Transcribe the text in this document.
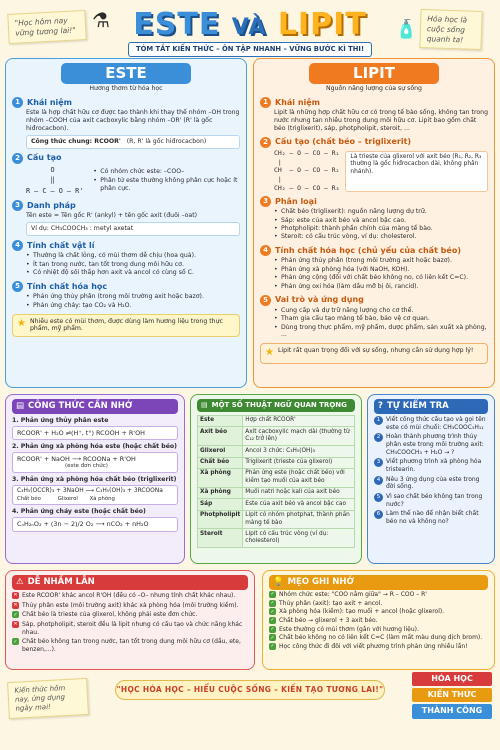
"Học hôm nay vững tương lai!" ⚗	Hóa học là cuộc sống quanh ta!
🧴
ESTE VÀ LIPIT
TÓM TẮT KIẾN THỨC – ÔN TẬP NHANH – VỮNG BƯỚC KÌ THI!
ESTE
Hương thơm từ hóa học
1 Khái niệm
Este là hợp chất hữu cơ được tạo thành khi thay thế nhóm –OH trong nhóm –COOH của axit cacboxylic bằng nhóm –OR' (R' là gốc hiđrocacbon).
Công thức chung: RCOOR' (R, R' là gốc hiđrocacbon)
2 Cấu tạo
O
‖
R – C – O – R'
• Có nhóm chức este: –COO–
• Phân tử este thường không phân cực hoặc ít phân cực.
3 Danh pháp
Tên este = Tên gốc R' (ankyl) + tên gốc axit (đuôi –oat)
Ví dụ: CH₃COOCH₃ : metyl axetat
4 Tính chất vật lí
• Thường là chất lỏng, có mùi thơm dễ chịu (hoa quả).
• Ít tan trong nước, tan tốt trong dung môi hữu cơ.
• Có nhiệt độ sôi thấp hơn axit và ancol có cùng số C.
5 Tính chất hóa học
• Phản ứng thủy phân (trong môi trường axit hoặc bazơ).
• Phản ứng cháy: tạo CO₂ và H₂O.
★ Nhiều este có mùi thơm, được dùng làm hương liệu trong thực phẩm, mỹ phẩm.
LIPIT
Nguồn năng lượng của sự sống
1 Khái niệm
Lipit là những hợp chất hữu cơ có trong tế bào sống, không tan trong nước nhưng tan nhiều trong dung môi hữu cơ. Lipit bao gồm chất béo (triglixerit), sáp, photpholipit, steroit, ...
2 Cấu tạo (chất béo – triglixerit)
CH₂ – O – CO – R₁
|
CH  – O – CO – R₂
|
CH₂ – O – CO – R₃
Là trieste của glixerol với axit béo (R₁, R₂, R₃ thường là gốc hiđrocacbon dài, không phân nhánh).
3 Phân loại
• Chất béo (triglixerit): nguồn năng lượng dự trữ.
• Sáp: este của axit béo và ancol bậc cao.
• Photpholipit: thành phần chính của màng tế bào.
• Steroit: có cấu trúc vòng, ví dụ: cholesterol.
4 Tính chất hóa học (chủ yếu của chất béo)
• Phản ứng thủy phân (trong môi trường axit hoặc bazơ).
• Phản ứng xà phòng hóa (với NaOH, KOH).
• Phản ứng cộng (đối với chất béo không no, có liên kết C=C).
• Phản ứng oxi hóa (làm dầu mỡ bị ôi, rancid).
5 Vai trò và ứng dụng
• Cung cấp và dự trữ năng lượng cho cơ thể.
• Tham gia cấu tạo màng tế bào, bảo vệ cơ quan.
• Dùng trong thực phẩm, mỹ phẩm, dược phẩm, sản xuất xà phòng, ...
★ Lipit rất quan trọng đối với sự sống, nhưng cần sử dụng hợp lý!
▤ CÔNG THỨC CẦN NHỚ
1. Phản ứng thủy phân este
RCOOR' + H₂O ⇌(H⁺, t°) RCOOH + R'OH
2. Phản ứng xà phòng hóa este (hoặc chất béo)
RCOOR' + NaOH ⟶ RCOONa + R'OH
(este đơn chức)
3. Phản ứng xà phòng hóa chất béo (triglixerit)
C₃H₅(OCCR)₃ + 3NaOH ⟶ C₃H₅(OH)₃ + 3RCOONa
Chất béo          Glixerol       Xà phòng
4. Phản ứng cháy este (hoặc chất béo)
CₙH₂ₙO₂ + (3n − 2)/2 O₂ ⟶ nCO₂ + nH₂O
▤ MỘT SỐ THUẬT NGỮ QUAN TRỌNG
Este	Hợp chất RCOOR'
Axit béo	Axit cacboxylic mạch dài (thường từ C₁₂ trở lên)
Glixerol	Ancol 3 chức: C₃H₅(OH)₃
Chất béo	Triglixerit (trieste của glixerol)
Xà phòng	Phản ứng este (hoặc chất béo) với kiềm tạo muối của axit béo
Xà phòng	Muối natri hoặc kali của axit béo
Sáp	Este của axit béo và ancol bậc cao
Photpholipit	Lipit có nhóm photphat, thành phần màng tế bào
Steroit	Lipit có cấu trúc vòng (ví dụ: cholesterol)
? TỰ KIỂM TRA
1 Viết công thức cấu tạo và gọi tên este có mùi chuối: CH₃COOC₅H₁₁
2 Hoàn thành phương trình thủy phân este trong môi trường axit: CH₃COOCH₃ + H₂O → ?
3 Viết phương trình xà phòng hóa tristearin.
4 Nêu 3 ứng dụng của este trong đời sống.
5 Vì sao chất béo không tan trong nước?
6 Làm thế nào để nhận biết chất béo no và không no?
⚠ DỄ NHẦM LẪN
✕ Este RCOOR' khác ancol R'OH (đều có –O– nhưng tính chất khác nhau).
✕ Thủy phân este (môi trường axit) khác xà phòng hóa (môi trường kiềm).
✓ Chất béo là trieste của glixerol, không phải este đơn chức.
✕ Sáp, photpholipit, steroit đều là lipit nhưng có cấu tạo và chức năng khác nhau.
✓ Chất béo không tan trong nước, tan tốt trong dung môi hữu cơ (dầu, ete, benzen,...).
💡 MẸO GHI NHỚ
✓ Nhóm chức este: "COO nằm giữa" → R – COO – R'
✓ Thủy phân (axit): tạo axit + ancol.
✓ Xà phòng hóa (kiềm): tạo muối + ancol (hoặc glixerol).
✓ Chất béo → glixerol + 3 axit béo.
✓ Este thường có mùi thơm (gắn với hương liệu).
✓ Chất béo không no có liên kết C=C (làm mất màu dung dịch brom).
✓ Học công thức đi đôi với viết phương trình phản ứng nhiều lần!
Kiến thức hôm nay, ứng dụng ngày mai!
"HỌC HÓA HỌC – HIỂU CUỘC SỐNG – KIẾN TẠO TƯƠNG LAI!"
HÓA HỌC
KIẾN THỨC
THÀNH CÔNG
